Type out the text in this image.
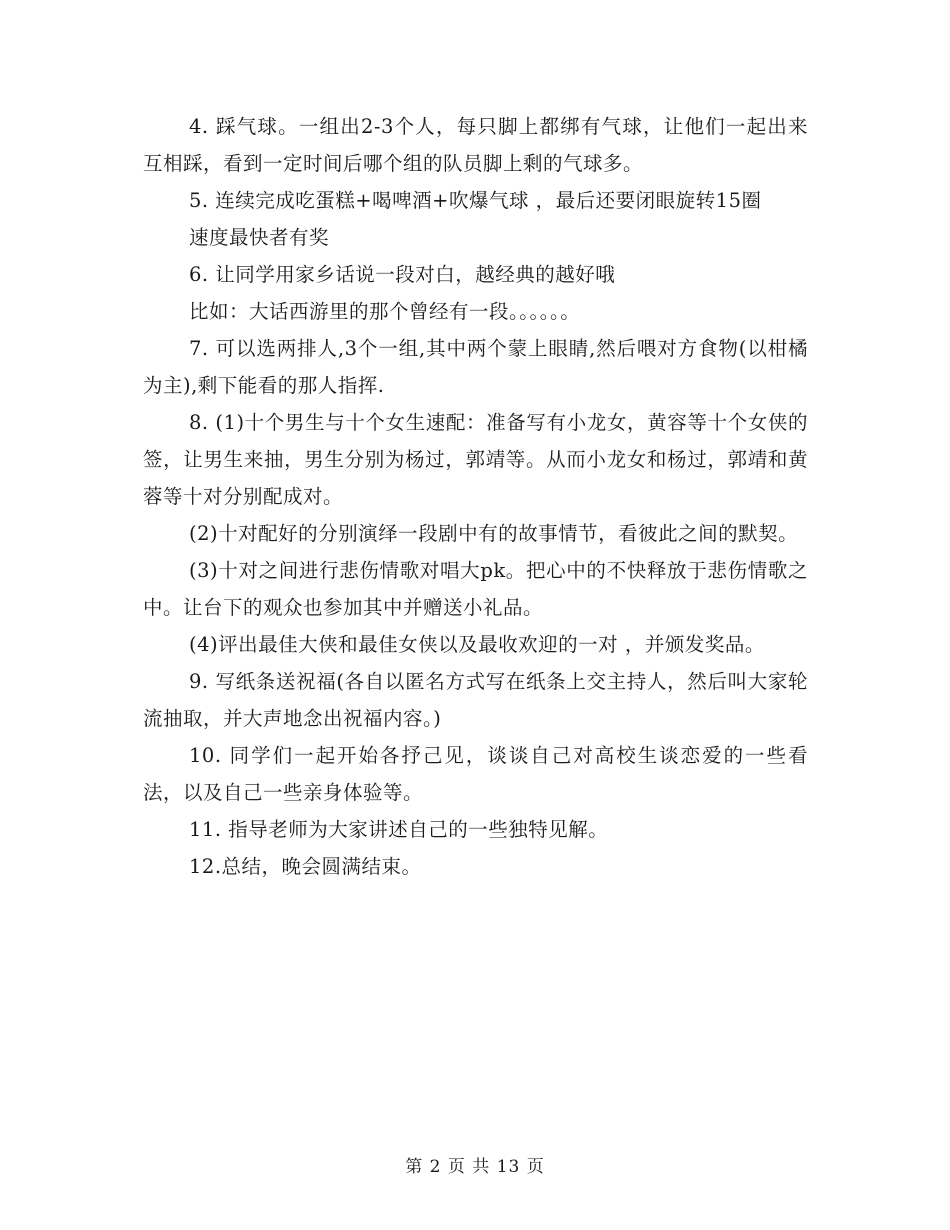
4. 踩气球。一组出2-3个人，每只脚上都绑有气球，让他们一起出来互相踩，看到一定时间后哪个组的队员脚上剩的气球多。

5. 连续完成吃蛋糕+喝啤酒+吹爆气球 ，最后还要闭眼旋转15圈

速度最快者有奖

6. 让同学用家乡话说一段对白，越经典的越好哦

比如：大话西游里的那个曾经有一段。。。。。。

7. 可以选两排人,3个一组,其中两个蒙上眼睛,然后喂对方食物(以柑橘为主),剩下能看的那人指挥.

8. (1)十个男生与十个女生速配：准备写有小龙女，黄容等十个女侠的签，让男生来抽，男生分别为杨过，郭靖等。从而小龙女和杨过，郭靖和黄蓉等十对分别配成对。

(2)十对配好的分别演绎一段剧中有的故事情节，看彼此之间的默契。

(3)十对之间进行悲伤情歌对唱大pk。把心中的不快释放于悲伤情歌之中。让台下的观众也参加其中并赠送小礼品。

(4)评出最佳大侠和最佳女侠以及最收欢迎的一对 ，并颁发奖品。

9. 写纸条送祝福(各自以匿名方式写在纸条上交主持人，然后叫大家轮流抽取，并大声地念出祝福内容。)

10. 同学们一起开始各抒己见，谈谈自己对高校生谈恋爱的一些看法，以及自己一些亲身体验等。

11. 指导老师为大家讲述自己的一些独特见解。

12.总结，晚会圆满结束。

第 2 页 共 13 页
